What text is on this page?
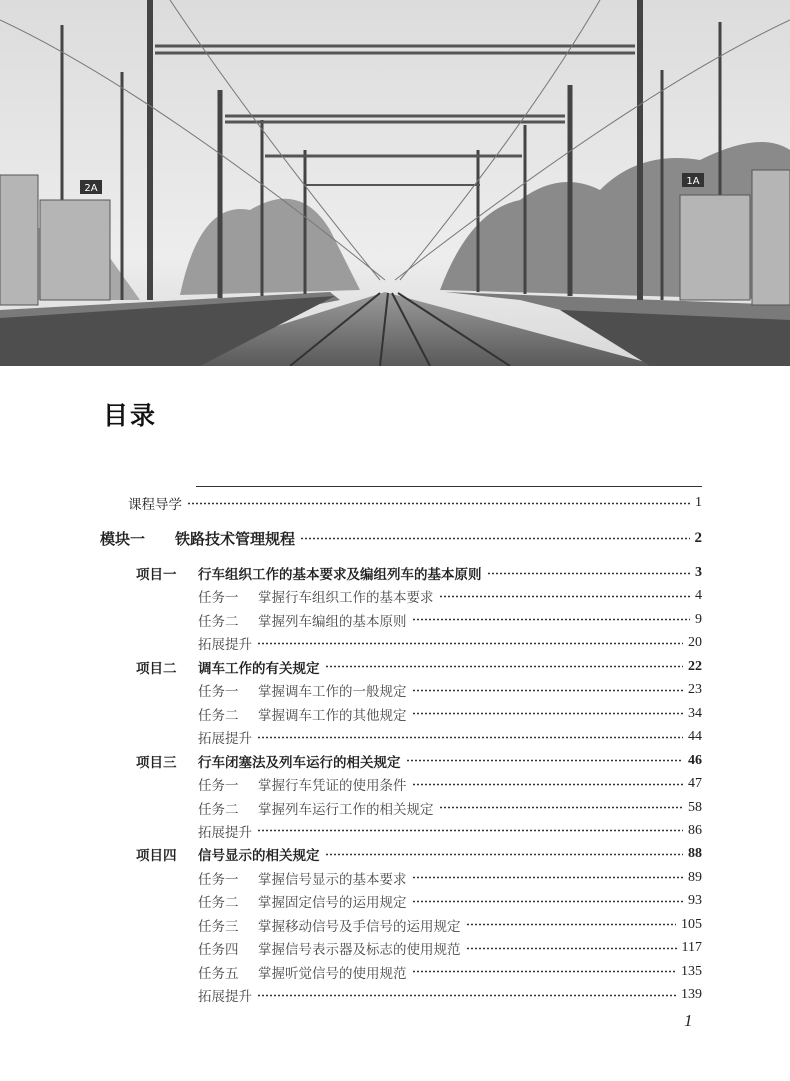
2A
1A
目录
课程导学	1
模块一 铁路技术管理规程	2
项目一	行车组织工作的基本要求及编组列车的基本原则	3
任务一	掌握行车组织工作的基本要求	4
任务二	掌握列车编组的基本原则	9
拓展提升	20
项目二	调车工作的有关规定	22
任务一	掌握调车工作的一般规定	23
任务二	掌握调车工作的其他规定	34
拓展提升	44
项目三	行车闭塞法及列车运行的相关规定	46
任务一	掌握行车凭证的使用条件	47
任务二	掌握列车运行工作的相关规定	58
拓展提升	86
项目四	信号显示的相关规定	88
任务一	掌握信号显示的基本要求	89
任务二	掌握固定信号的运用规定	93
任务三	掌握移动信号及手信号的运用规定	105
任务四	掌握信号表示器及标志的使用规范	117
任务五	掌握听觉信号的使用规范	135
拓展提升	139
1
